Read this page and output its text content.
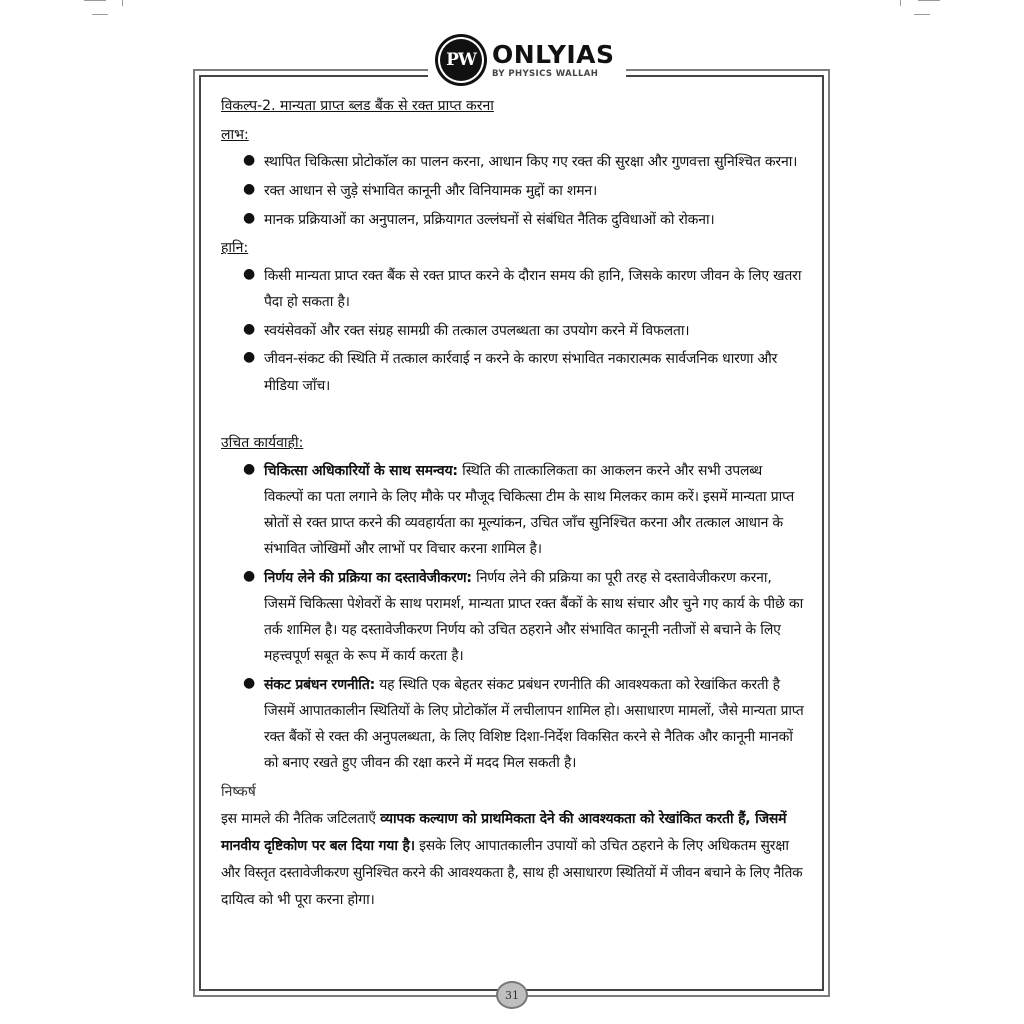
PW ONLYIAS
BY PHYSICS WALLAH
विकल्प-2. मान्यता प्राप्त ब्लड बैंक से रक्त प्राप्त करना
लाभ:
● स्थापित चिकित्सा प्रोटोकॉल का पालन करना, आधान किए गए रक्त की सुरक्षा और गुणवत्ता सुनिश्चित करना।
● रक्त आधान से जुड़े संभावित कानूनी और विनियामक मुद्दों का शमन।
● मानक प्रक्रियाओं का अनुपालन, प्रक्रियागत उल्लंघनों से संबंधित नैतिक दुविधाओं को रोकना।
हानि:
● किसी मान्यता प्राप्त रक्त बैंक से रक्त प्राप्त करने के दौरान समय की हानि, जिसके कारण जीवन के लिए खतरा
पैदा हो सकता है।
● स्वयंसेवकों और रक्त संग्रह सामग्री की तत्काल उपलब्धता का उपयोग करने में विफलता।
● जीवन-संकट की स्थिति में तत्काल कार्रवाई न करने के कारण संभावित नकारात्मक सार्वजनिक धारणा और
मीडिया जाँच।
उचित कार्यवाही:
● चिकित्सा अधिकारियों के साथ समन्वय: स्थिति की तात्कालिकता का आकलन करने और सभी उपलब्ध
विकल्पों का पता लगाने के लिए मौके पर मौजूद चिकित्सा टीम के साथ मिलकर काम करें। इसमें मान्यता प्राप्त
स्रोतों से रक्त प्राप्त करने की व्यवहार्यता का मूल्यांकन, उचित जाँच सुनिश्चित करना और तत्काल आधान के
संभावित जोखिमों और लाभों पर विचार करना शामिल है।
● निर्णय लेने की प्रक्रिया का दस्तावेजीकरण: निर्णय लेने की प्रक्रिया का पूरी तरह से दस्तावेजीकरण करना,
जिसमें चिकित्सा पेशेवरों के साथ परामर्श, मान्यता प्राप्त रक्त बैंकों के साथ संचार और चुने गए कार्य के पीछे का
तर्क शामिल है। यह दस्तावेजीकरण निर्णय को उचित ठहराने और संभावित कानूनी नतीजों से बचाने के लिए
महत्त्वपूर्ण सबूत के रूप में कार्य करता है।
● संकट प्रबंधन रणनीति: यह स्थिति एक बेहतर संकट प्रबंधन रणनीति की आवश्यकता को रेखांकित करती है
जिसमें आपातकालीन स्थितियों के लिए प्रोटोकॉल में लचीलापन शामिल हो। असाधारण मामलों, जैसे मान्यता प्राप्त
रक्त बैंकों से रक्त की अनुपलब्धता, के लिए विशिष्ट दिशा-निर्देश विकसित करने से नैतिक और कानूनी मानकों
को बनाए रखते हुए जीवन की रक्षा करने में मदद मिल सकती है।
निष्कर्ष
इस मामले की नैतिक जटिलताएँ व्यापक कल्याण को प्राथमिकता देने की आवश्यकता को रेखांकित करती हैं, जिसमें
मानवीय दृष्टिकोण पर बल दिया गया है। इसके लिए आपातकालीन उपायों को उचित ठहराने के लिए अधिकतम सुरक्षा
और विस्तृत दस्तावेजीकरण सुनिश्चित करने की आवश्यकता है, साथ ही असाधारण स्थितियों में जीवन बचाने के लिए नैतिक
दायित्व को भी पूरा करना होगा।
31
